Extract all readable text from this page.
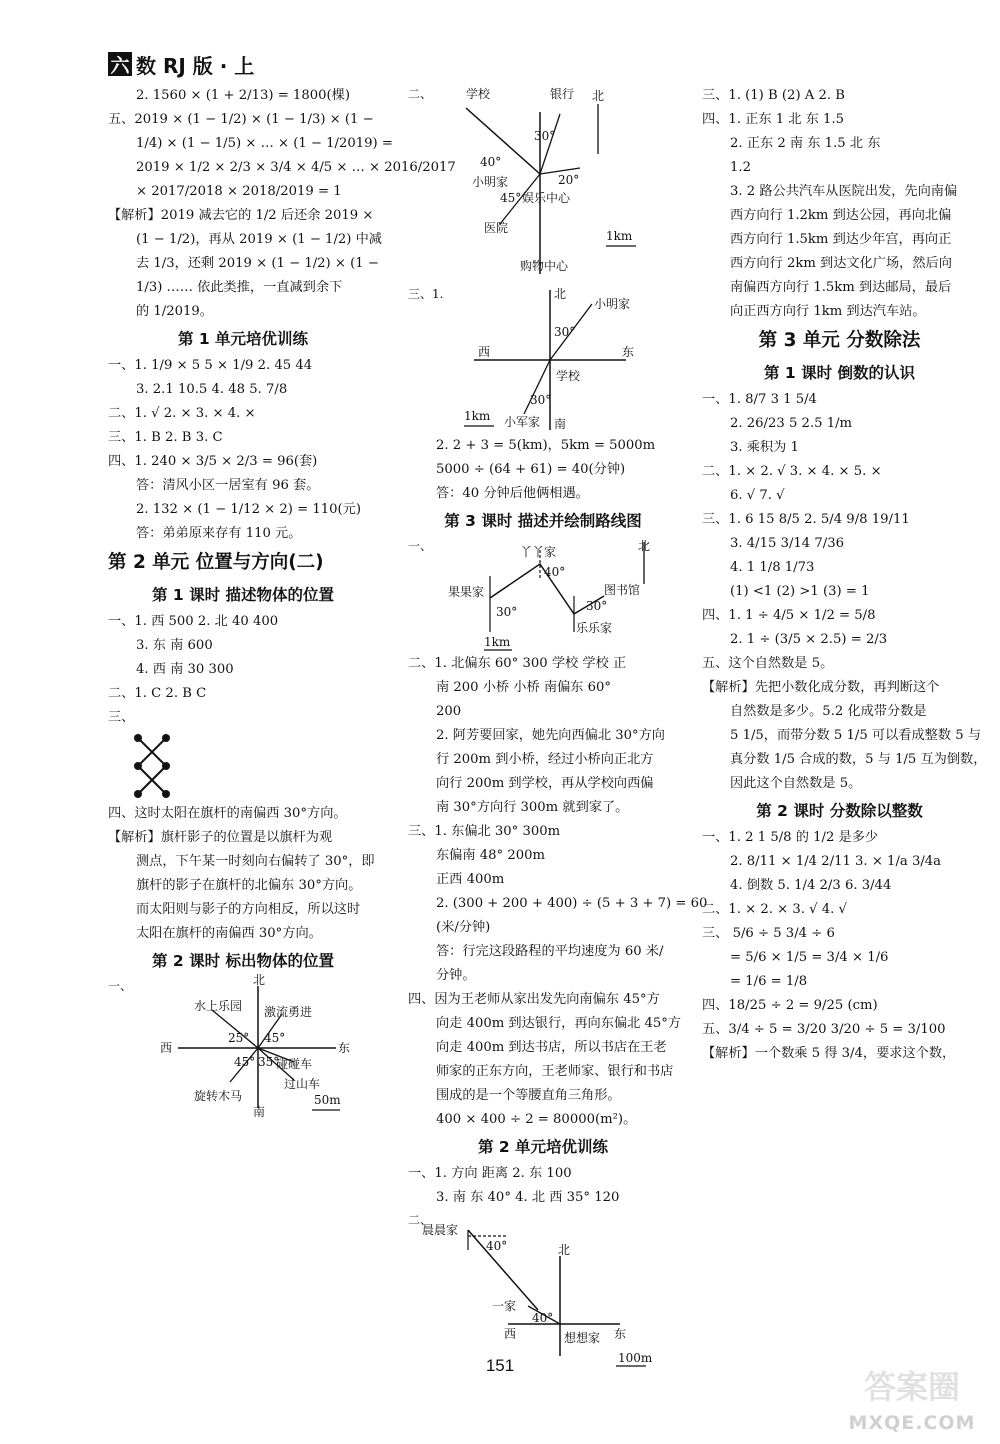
六 数 RJ 版 · 上
2. 1560 × (1 + 2/13) = 1800(棵)
五、2019 × (1 − 1/2) × (1 − 1/3) × (1 −
1/4) × (1 − 1/5) × … × (1 − 1/2019) =
2019 × 1/2 × 2/3 × 3/4 × 4/5 × … × 2016/2017
× 2017/2018 × 2018/2019 = 1
【解析】2019 减去它的 1/2 后还余 2019 ×
(1 − 1/2)，再从 2019 × (1 − 1/2) 中减
去 1/3，还剩 2019 × (1 − 1/2) × (1 −
1/3) …… 依此类推，一直减到余下
的 1/2019。
第 1 单元培优训练
一、1. 1/9 × 5 5 × 1/9 2. 45 44
3. 2.1 10.5 4. 48 5. 7/8
二、1. √ 2. × 3. × 4. ×
三、1. B 2. B 3. C
四、1. 240 × 3/5 × 2/3 = 96(套)
答：清风小区一居室有 96 套。
2. 132 × (1 − 1/12 × 2) = 110(元)
答：弟弟原来存有 110 元。
第 2 单元 位置与方向(二)
第 1 课时 描述物体的位置
一、1. 西 500 2. 北 40 400
3. 东 南 600
4. 西 南 30 300
二、1. C 2. B C
三、
四、这时太阳在旗杆的南偏西 30°方向。
【解析】旗杆影子的位置是以旗杆为观
测点，下午某一时刻向右偏转了 30°，即
旗杆的影子在旗杆的北偏东 30°方向。
而太阳则与影子的方向相反，所以这时
太阳在旗杆的南偏西 30°方向。
第 2 课时 标出物体的位置
一、	北
南
东
西
水上乐园 激流勇进
碰碰车
过山车
旋转木马
25° 45°
45° 35°
50m
二、	学校	银行 北
小明家
娱乐中心
医院
购物中心
30°
40°
20°
45°
1km
三、1.	北
南
东
西
小明家
学校
小军家
30°
30°
1km
2. 2 + 3 = 5(km)，5km = 5000m
5000 ÷ (64 + 61) = 40(分钟)
答：40 分钟后他俩相遇。
第 3 课时 描述并绘制路线图
一、	北
丫丫家
果果家	图书馆
乐乐家
40°
30°	30°
1km
二、1. 北偏东 60° 300 学校 学校 正
南 200 小桥 小桥 南偏东 60°
200
2. 阿芳要回家，她先向西偏北 30°方向
行 200m 到小桥，经过小桥向正北方
向行 200m 到学校，再从学校向西偏
南 30°方向行 300m 就到家了。
三、1. 东偏北 30° 300m
东偏南 48° 200m
正西 400m
2. (300 + 200 + 400) ÷ (5 + 3 + 7) = 60
(米/分钟)
答：行完这段路程的平均速度为 60 米/
分钟。
四、因为王老师从家出发先向南偏东 45°方
向走 400m 到达银行，再向东偏北 45°方
向走 400m 到达书店，所以书店在王老
师家的正东方向，王老师家、银行和书店
围成的是一个等腰直角三角形。
400 × 400 ÷ 2 = 80000(m²)。
第 2 单元培优训练
一、1. 方向 距离 2. 东 100
3. 南 东 40° 4. 北 西 35° 120
二、
晨晨家
北
一家
西	东
想想家
40°
40°
100m
三、1. (1) B (2) A 2. B
四、1. 正东 1 北 东 1.5
2. 正东 2 南 东 1.5 北 东
1.2
3. 2 路公共汽车从医院出发，先向南偏
西方向行 1.2km 到达公园，再向北偏
西方向行 1.5km 到达少年宫，再向正
西方向行 2km 到达文化广场，然后向
南偏西方向行 1.5km 到达邮局，最后
向正西方向行 1km 到达汽车站。
第 3 单元 分数除法
第 1 课时 倒数的认识
一、1. 8/7 3 1 5/4
2. 26/23 5 2.5 1/m
3. 乘积为 1
二、1. × 2. √ 3. × 4. × 5. ×
6. √ 7. √
三、1. 6 15 8/5 2. 5/4 9/8 19/11
3. 4/15 3/14 7/36
4. 1 1/8 1/73
(1) <1 (2) >1 (3) = 1
四、1. 1 ÷ 4/5 × 1/2 = 5/8
2. 1 ÷ (3/5 × 2.5) = 2/3
五、这个自然数是 5。
【解析】先把小数化成分数，再判断这个
自然数是多少。5.2 化成带分数是
5 1/5，而带分数 5 1/5 可以看成整数 5 与
真分数 1/5 合成的数，5 与 1/5 互为倒数，
因此这个自然数是 5。
第 2 课时 分数除以整数
一、1. 2 1 5/8 的 1/2 是多少
2. 8/11 × 1/4 2/11 3. × 1/a 3/4a
4. 倒数 5. 1/4 2/3 6. 3/44
二、1. × 2. × 3. √ 4. √
三、 5/6 ÷ 5 3/4 ÷ 6
= 5/6 × 1/5 = 3/4 × 1/6
= 1/6 = 1/8
四、18/25 ÷ 2 = 9/25 (cm)
五、3/4 ÷ 5 = 3/20 3/20 ÷ 5 = 3/100
【解析】一个数乘 5 得 3/4，要求这个数，
151
答案圈
MXQE.COM
